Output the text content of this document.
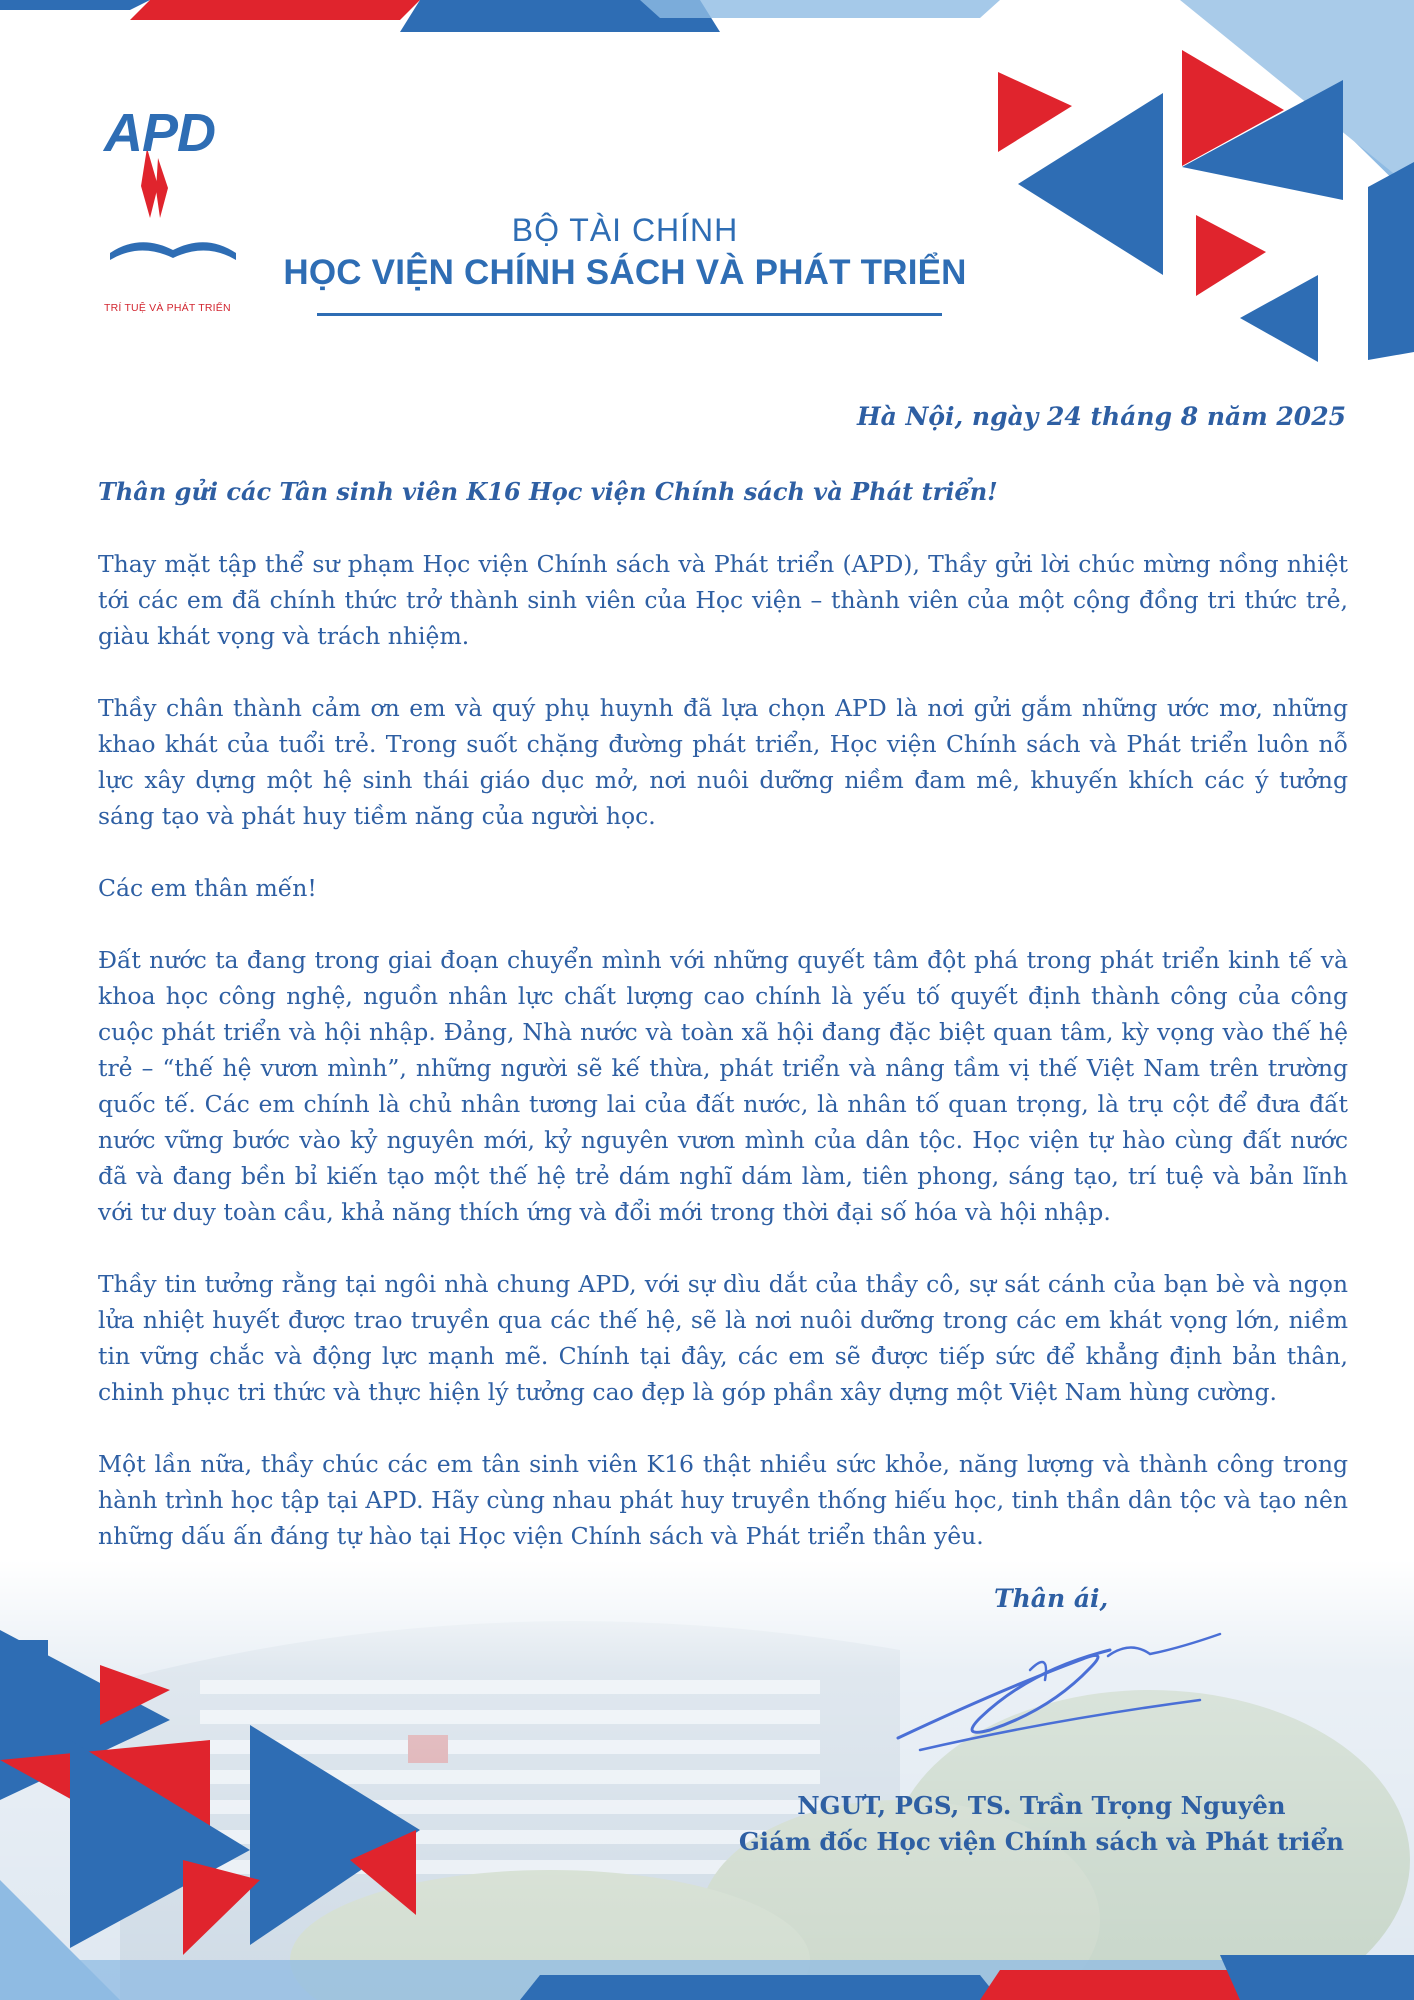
APD
TRÍ TUỆ VÀ PHÁT TRIỂN
BỘ TÀI CHÍNH
HỌC VIỆN CHÍNH SÁCH VÀ PHÁT TRIỂN
Hà Nội, ngày 24 tháng 8 năm 2025

Thân gửi các Tân sinh viên K16 Học viện Chính sách và Phát triển!

Thay mặt tập thể sư phạm Học viện Chính sách và Phát triển (APD), Thầy gửi lời chúc mừng nồng nhiệt tới các em đã chính thức trở thành sinh viên của Học viện – thành viên của một cộng đồng tri thức trẻ, giàu khát vọng và trách nhiệm.

Thầy chân thành cảm ơn em và quý phụ huynh đã lựa chọn APD là nơi gửi gắm những ước mơ, những khao khát của tuổi trẻ. Trong suốt chặng đường phát triển, Học viện Chính sách và Phát triển luôn nỗ lực xây dựng một hệ sinh thái giáo dục mở, nơi nuôi dưỡng niềm đam mê, khuyến khích các ý tưởng sáng tạo và phát huy tiềm năng của người học.

Các em thân mến!

Đất nước ta đang trong giai đoạn chuyển mình với những quyết tâm đột phá trong phát triển kinh tế và khoa học công nghệ, nguồn nhân lực chất lượng cao chính là yếu tố quyết định thành công của công cuộc phát triển và hội nhập. Đảng, Nhà nước và toàn xã hội đang đặc biệt quan tâm, kỳ vọng vào thế hệ trẻ – “thế hệ vươn mình”, những người sẽ kế thừa, phát triển và nâng tầm vị thế Việt Nam trên trường quốc tế. Các em chính là chủ nhân tương lai của đất nước, là nhân tố quan trọng, là trụ cột để đưa đất nước vững bước vào kỷ nguyên mới, kỷ nguyên vươn mình của dân tộc. Học viện tự hào cùng đất nước đã và đang bền bỉ kiến tạo một thế hệ trẻ dám nghĩ dám làm, tiên phong, sáng tạo, trí tuệ và bản lĩnh với tư duy toàn cầu, khả năng thích ứng và đổi mới trong thời đại số hóa và hội nhập.

Thầy tin tưởng rằng tại ngôi nhà chung APD, với sự dìu dắt của thầy cô, sự sát cánh của bạn bè và ngọn lửa nhiệt huyết được trao truyền qua các thế hệ, sẽ là nơi nuôi dưỡng trong các em khát vọng lớn, niềm tin vững chắc và động lực mạnh mẽ. Chính tại đây, các em sẽ được tiếp sức để khẳng định bản thân, chinh phục tri thức và thực hiện lý tưởng cao đẹp là góp phần xây dựng một Việt Nam hùng cường.

Một lần nữa, thầy chúc các em tân sinh viên K16 thật nhiều sức khỏe, năng lượng và thành công trong hành trình học tập tại APD. Hãy cùng nhau phát huy truyền thống hiếu học, tinh thần dân tộc và tạo nên những dấu ấn đáng tự hào tại Học viện Chính sách và Phát triển thân yêu.

Thân ái,
NGƯT, PGS, TS. Trần Trọng Nguyên
Giám đốc Học viện Chính sách và Phát triển
